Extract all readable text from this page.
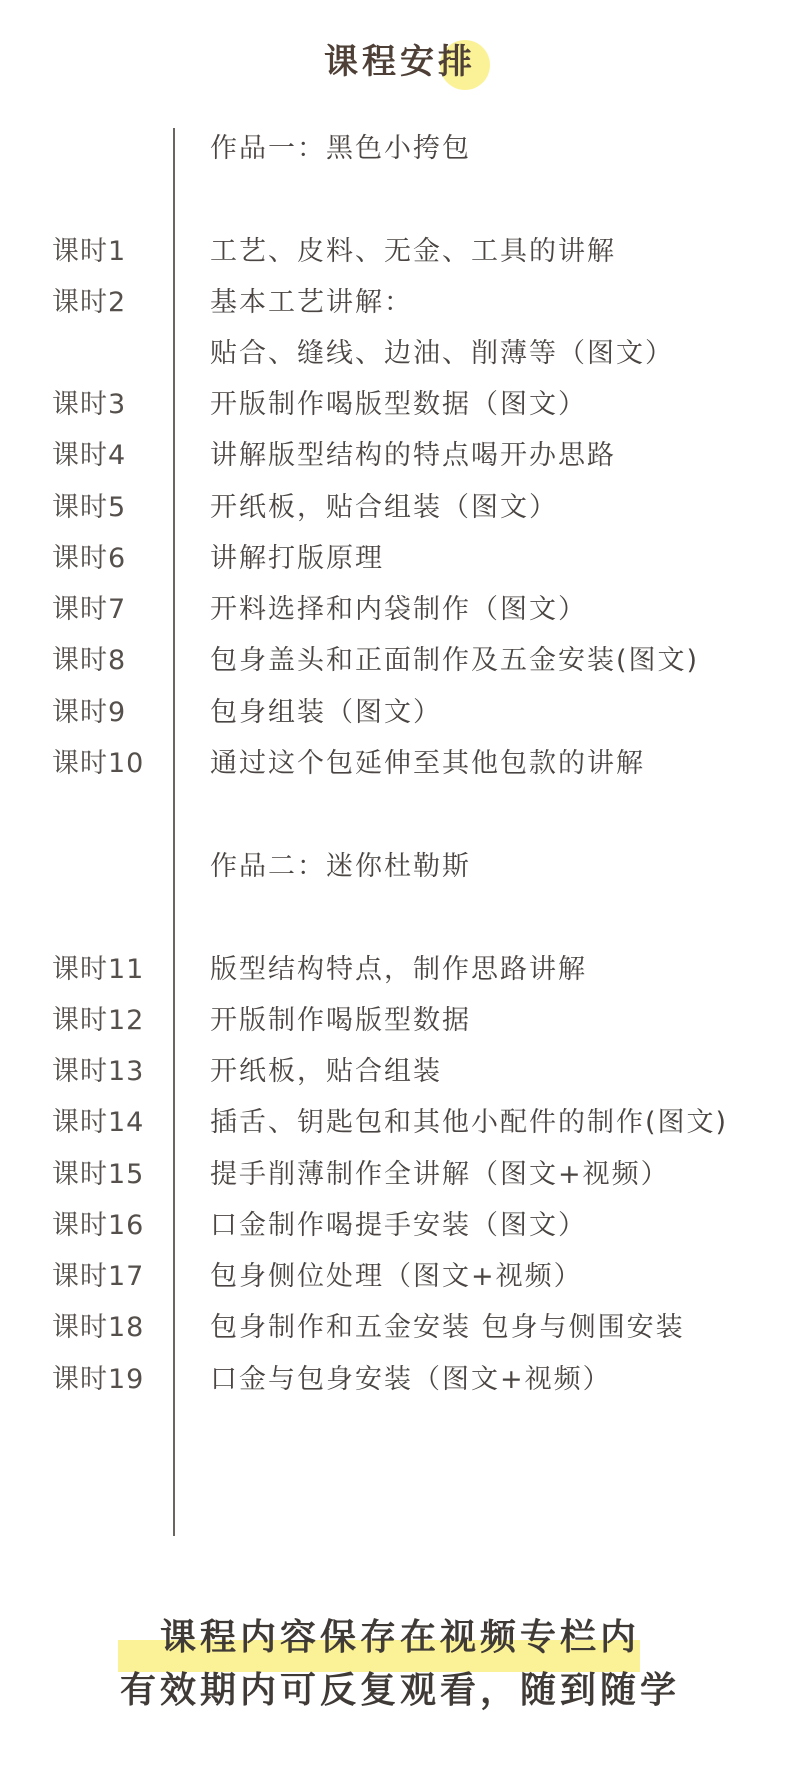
课程安排
作品一：黑色小挎包
课时1	工艺、皮料、无金、工具的讲解
课时2	基本工艺讲解：
贴合、缝线、边油、削薄等（图文）
课时3	开版制作喝版型数据（图文）
课时4	讲解版型结构的特点喝开办思路
课时5	开纸板，贴合组装（图文）
课时6	讲解打版原理
课时7	开料选择和内袋制作（图文）
课时8	包身盖头和正面制作及五金安装(图文)
课时9	包身组装（图文）
课时10 通过这个包延伸至其他包款的讲解
作品二：迷你杜勒斯
课时11 版型结构特点，制作思路讲解
课时12 开版制作喝版型数据
课时13 开纸板，贴合组装
课时14 插舌、钥匙包和其他小配件的制作(图文)
课时15 提手削薄制作全讲解（图文+视频）
课时16 口金制作喝提手安装（图文）
课时17 包身侧位处理（图文+视频）
课时18 包身制作和五金安装 包身与侧围安装
课时19 口金与包身安装（图文+视频）
课程内容保存在视频专栏内
有效期内可反复观看，随到随学
